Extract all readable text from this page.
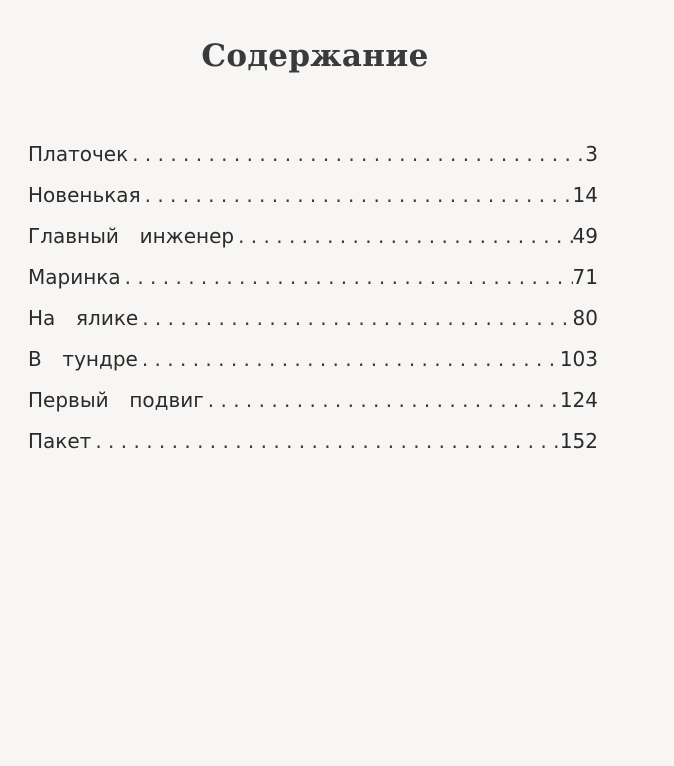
Содержание
Платочек . . .	3
Новенькая . . .	14
Главный  инженер . . .	49
Маринка . . .	71
На  ялике . . .	80
В  тундре . . .	103
Первый  подвиг . . .	124
Пакет . . .	152
